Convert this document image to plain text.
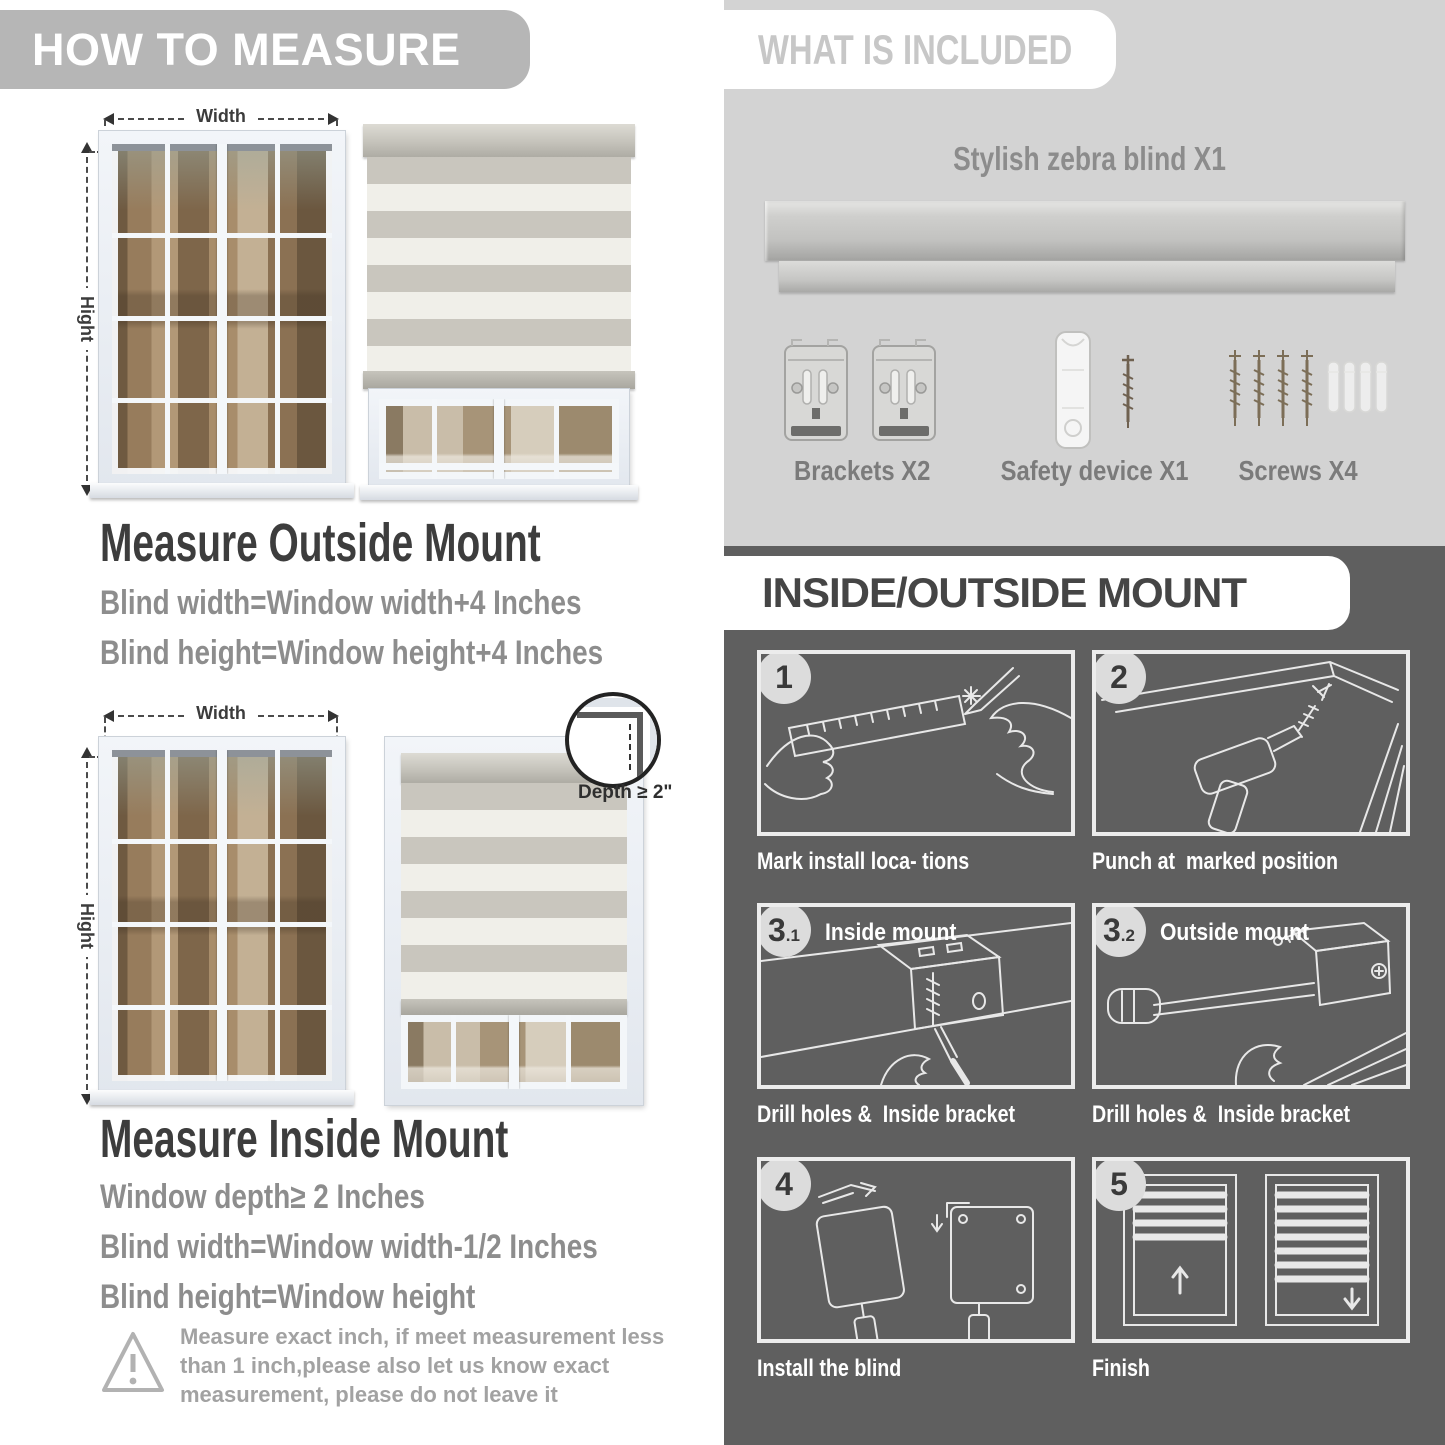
HOW TO MEASURE
Width
Hight
Measure Outside Mount
Blind width=Window width+4 Inches
Blind height=Window height+4 Inches
Width
Hight
Depth ≥ 2"
Measure Inside Mount
Window depth≥ 2 Inches
Blind width=Window width-1/2 Inches
Blind height=Window height
Measure exact inch, if meet measurement less
than 1 inch,please also let us know exact
measurement, please do not leave it
WHAT IS INCLUDED
Stylish zebra blind X1
Brackets X2	Safety device X1	Screws X4
INSIDE/OUTSIDE MOUNT
1
Mark install loca- tions
2
Punch at  marked position
3 .1 Inside mount
Drill holes &  Inside bracket
3 .2 Outside mount
Drill holes &  Inside bracket
4
Install the blind
5
Finish
